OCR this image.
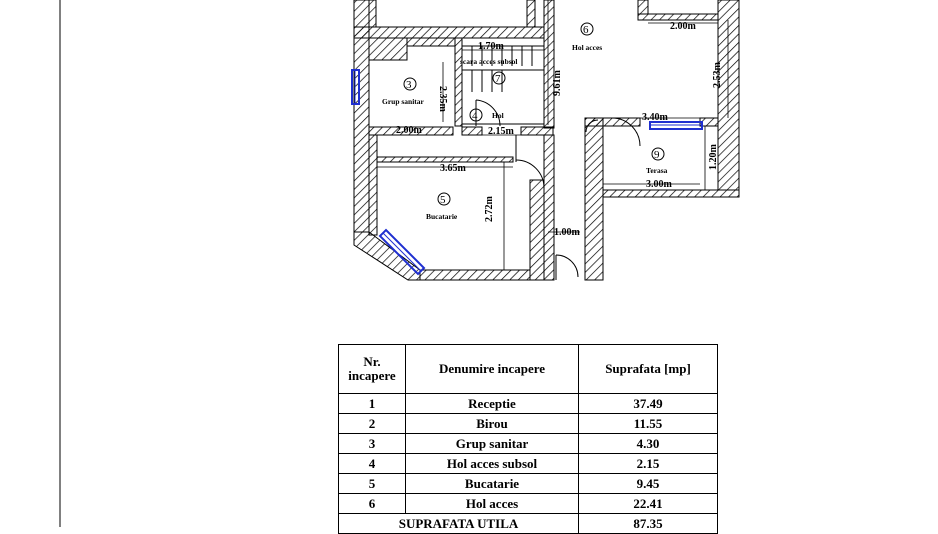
1.70m
2.35m
2.00m	2.15m
9.61m
3.65m
2.72m
1.00m
2.00m
2.53m
3.40m
1.20m
3.00m
3
Grup sanitar
4 Hol
5
Bucatarie
6
Hol acces
scara acces subsol
7
9
Terasa
Nr. incapere	Denumire incapere	Suprafata [mp]
1	Receptie	37.49
2	Birou	11.55
3	Grup sanitar	4.30
4	Hol acces subsol	2.15
5	Bucatarie	9.45
6	Hol acces	22.41
SUPRAFATA UTILA		87.35
